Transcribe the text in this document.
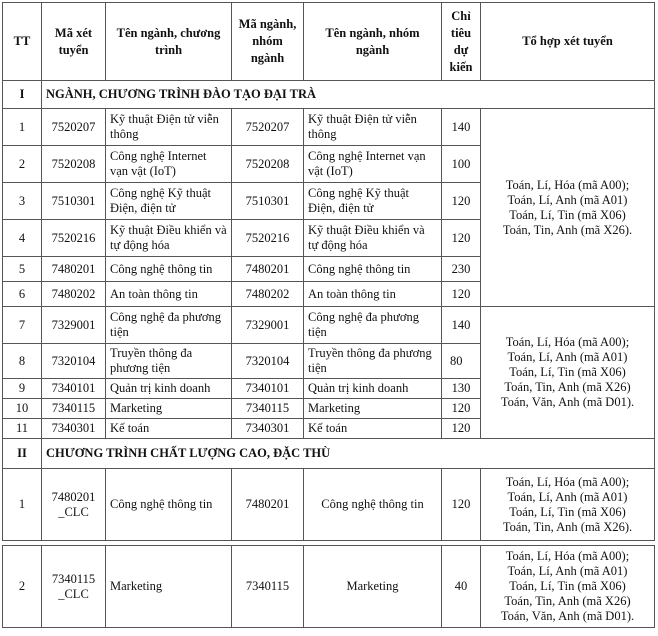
TT	Mã xét tuyển	Tên ngành, chương trình	Mã ngành, nhóm ngành	Tên ngành, nhóm ngành	Chỉ tiêu dự kiến	Tổ hợp xét tuyển
I	NGÀNH, CHƯƠNG TRÌNH ĐÀO TẠO ĐẠI TRÀ					
1	7520207	Kỹ thuật Điện tử viễn thông	7520207	Kỹ thuật Điện tử viễn thông	140	Toán, Lí, Hóa (mã A00);
Toán, Lí, Anh (mã A01)
Toán, Lí, Tin (mã X06)
Toán, Tin, Anh (mã X26).

2	7520208	Công nghệ Internet vạn vật (IoT)	7520208	Công nghệ Internet vạn vật (IoT)	100	
3	7510301	Công nghệ Kỹ thuật Điện, điện tử	7510301	Công nghệ Kỹ thuật Điện, điện tử	120	
4	7520216	Kỹ thuật Điều khiển và tự động hóa	7520216	Kỹ thuật Điều khiển và tự động hóa	120	
5	7480201	Công nghệ thông tin	7480201	Công nghệ thông tin	230	
6	7480202	An toàn thông tin	7480202	An toàn thông tin	120	
7	7329001	Công nghệ đa phương tiện	7329001	Công nghệ đa phương tiện	140	Toán, Lí, Hóa (mã A00);
Toán, Lí, Anh (mã A01)
Toán, Lí, Tin (mã X06)
Toán, Tin, Anh (mã X26)
Toán, Văn, Anh (mã D01).

8	7320104	Truyền thông đa phương tiện	7320104	Truyền thông đa phương tiện	80	
9	7340101	Quản trị kinh doanh	7340101	Quản trị kinh doanh	130	
10	7340115	Marketing	7340115	Marketing	120	
11	7340301	Kế toán	7340301	Kế toán	120	
II	CHƯƠNG TRÌNH CHẤT LƯỢNG CAO, ĐẶC THÙ					
1	7480201 _CLC	Công nghệ thông tin	7480201	Công nghệ thông tin	120	Toán, Lí, Hóa (mã A00);
Toán, Lí, Anh (mã A01)
Toán, Lí, Tin (mã X06)
Toán, Tin, Anh (mã X26).

2	7340115 _CLC	Marketing	7340115	Marketing	40	Toán, Lí, Hóa (mã A00);
Toán, Lí, Anh (mã A01)
Toán, Lí, Tin (mã X06)
Toán, Tin, Anh (mã X26)
Toán, Văn, Anh (mã D01).
